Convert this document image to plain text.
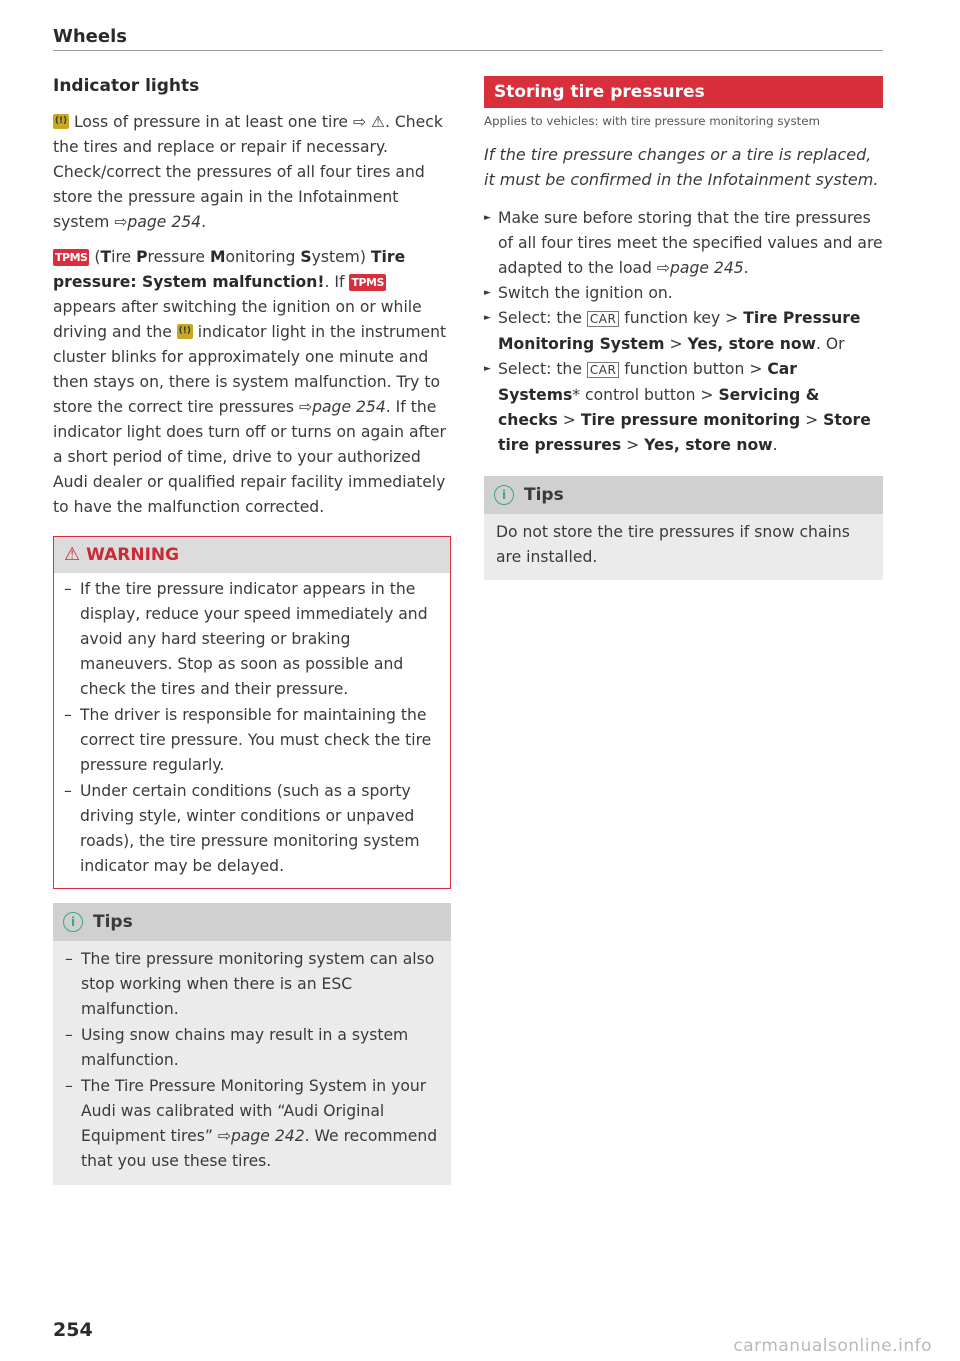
Wheels
Indicator lights

(!) Loss of pressure in at least one tire ⇨ ⚠. Check the tires and replace or repair if necessary. Check/correct the pressures of all four tires and store the pressure again in the Infotainment system ⇨page 254.

TPMS (Tire Pressure Monitoring System) Tire pressure: System malfunction!. If TPMS appears after switching the ignition on or while driving and the (!) indicator light in the instrument cluster blinks for approximately one minute and then stays on, there is system malfunction. Try to store the correct tire pressures ⇨page 254. If the indicator light does turn off or turns on again after a short period of time, drive to your authorized Audi dealer or qualified repair facility immediately to have the malfunction corrected.

⚠ WARNING
– If the tire pressure indicator appears in the display, reduce your speed immediately and avoid any hard steering or braking maneuvers. Stop as soon as possible and check the tires and their pressure.
– The driver is responsible for maintaining the correct tire pressure. You must check the tire pressure regularly.
– Under certain conditions (such as a sporty driving style, winter conditions or unpaved roads), the tire pressure monitoring system indicator may be delayed.
i Tips
– The tire pressure monitoring system can also stop working when there is an ESC malfunction.
– Using snow chains may result in a system malfunction.
– The Tire Pressure Monitoring System in your Audi was calibrated with “Audi Original Equipment tires” ⇨page 242. We recommend that you use these tires.
Storing tire pressures
Applies to vehicles: with tire pressure monitoring system
If the tire pressure changes or a tire is replaced, it must be confirmed in the Infotainment system.
► Make sure before storing that the tire pressures of all four tires meet the specified values and are adapted to the load ⇨page 245.
► Switch the ignition on.
► Select: the CAR function key > Tire Pressure Monitoring System > Yes, store now. Or
► Select: the CAR function button > Car Systems* control button > Servicing & checks > Tire pressure monitoring > Store tire pressures > Yes, store now.
i Tips

Do not store the tire pressures if snow chains are installed.

254
carmanualsonline.info
